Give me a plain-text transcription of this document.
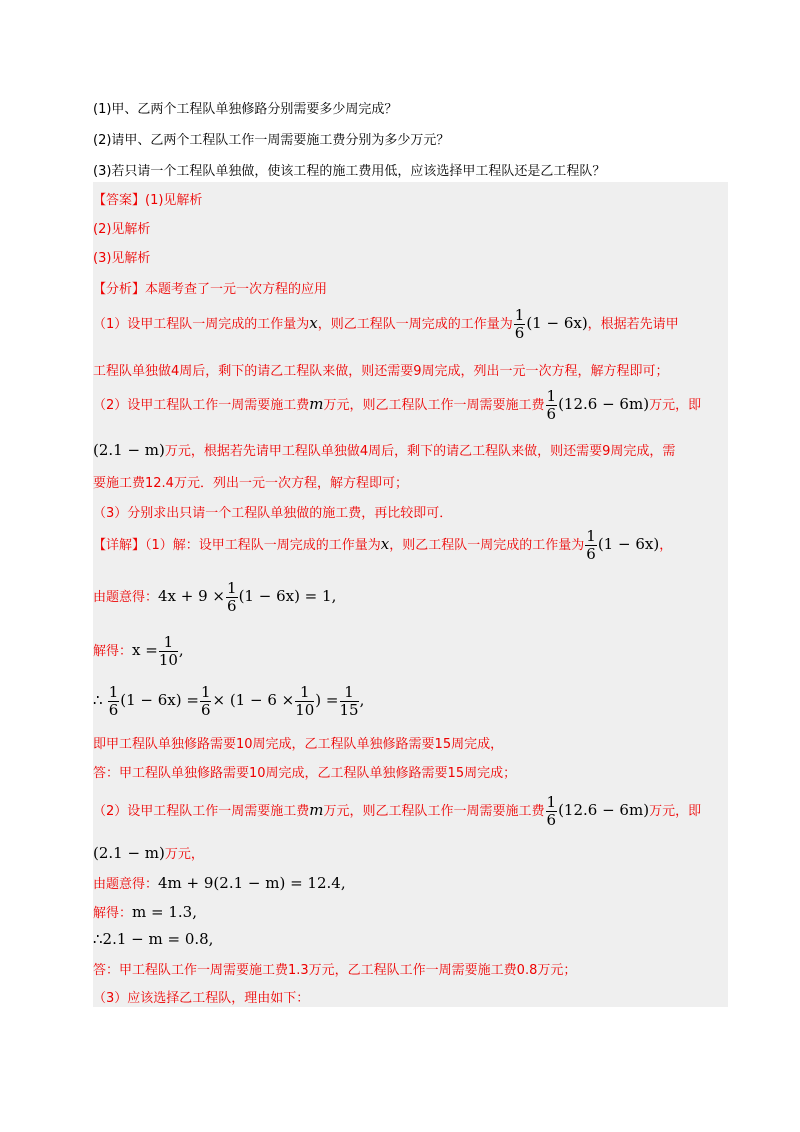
(1)甲、乙两个工程队单独修路分别需要多少周完成？
(2)请甲、乙两个工程队工作一周需要施工费分别为多少万元？
(3)若只请一个工程队单独做，使该工程的施工费用低，应该选择甲工程队还是乙工程队？
【答案】(1)见解析
(2)见解析
(3)见解析
【分析】本题考查了一元一次方程的应用
（1）设甲工程队一周完成的工作量为x，则乙工程队一周完成的工作量为 $\frac{1}{6} (1 - 6x)$，根据若先请甲
工程队单独做4周后，剩下的请乙工程队来做，则还需要9周完成，列出一元一次方程，解方程即可；
（2）设甲工程队工作一周需要施工费m万元，则乙工程队工作一周需要施工费 $\frac{1}{6} (12.6 - 6m)$万元，即
(2.1 − m)万元，根据若先请甲工程队单独做4周后，剩下的请乙工程队来做，则还需要9周完成，需
要施工费12.4万元．列出一元一次方程，解方程即可；
（3）分别求出只请一个工程队单独做的施工费，再比较即可．
【详解】（1）解：设甲工程队一周完成的工作量为x，则乙工程队一周完成的工作量为 $\frac{1}{6} (1 - 6x)$，
由题意得：$4x + 9 \times \frac{1}{6} (1 - 6x) = 1$,
解得：$x = \frac{1}{10}$ ,
∴ $\frac{1}{6} (1 - 6x) = \frac{1}{6} \times (1 - 6 \times \frac{1}{10}$ ) = $\frac{1}{15}$ ,
即甲工程队单独修路需要10周完成，乙工程队单独修路需要15周完成，
答：甲工程队单独修路需要10周完成，乙工程队单独修路需要15周完成；
（2）设甲工程队工作一周需要施工费m万元，则乙工程队工作一周需要施工费 $\frac{1}{6} (12.6 - 6m)$万元，即
(2.1 − m)万元，
由题意得：4m + 9(2.1 − m) = 12.4,
解得：m = 1.3,
∴2.1 − m = 0.8,
答：甲工程队工作一周需要施工费1.3万元，乙工程队工作一周需要施工费0.8万元；
（3）应该选择乙工程队，理由如下：
